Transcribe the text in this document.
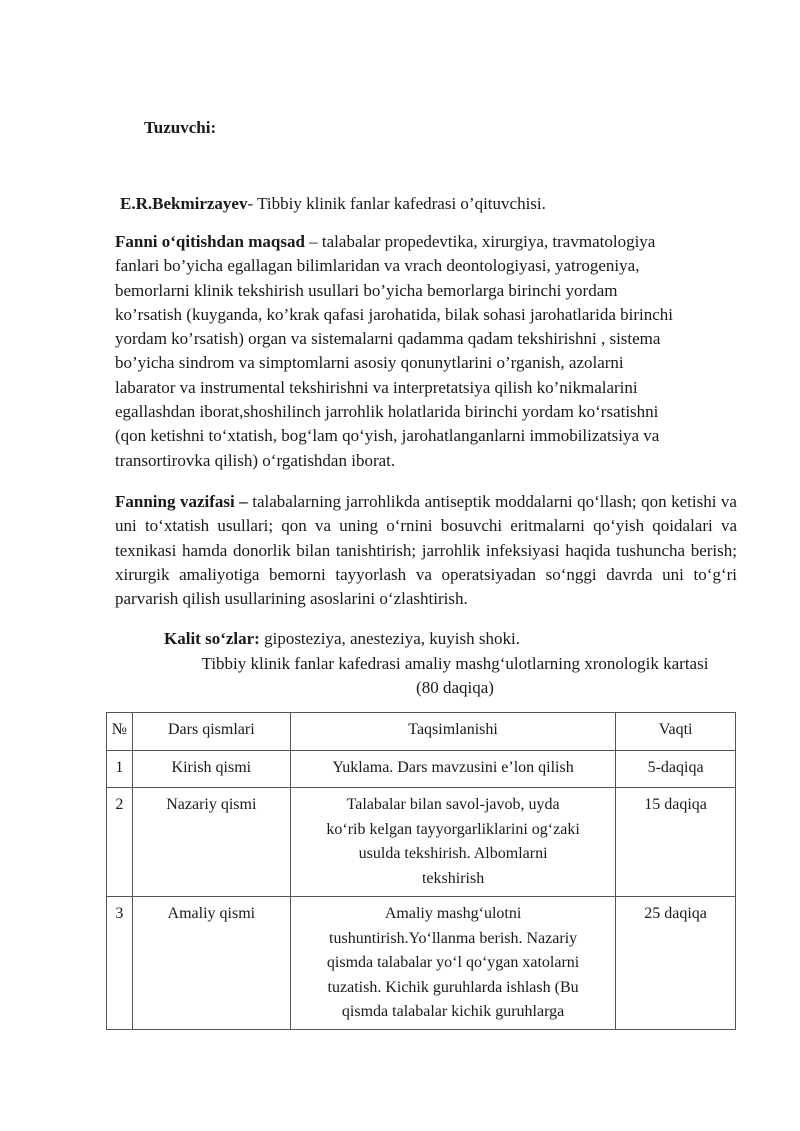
Tuzuvchi:
E.R.Bekmirzayev- Tibbiy klinik fanlar kafedrasi o’qituvchisi.

Fanni o‘qitishdan maqsad – talabalar propedevtika, xirurgiya, travmatologiya
fanlari bo’yicha egallagan bilimlaridan va vrach deontologiyasi, yatrogeniya,
bemorlarni klinik tekshirish usullari bo’yicha bemorlarga birinchi yordam
ko’rsatish (kuyganda, ko’krak qafasi jarohatida, bilak sohasi jarohatlarida birinchi
yordam ko’rsatish) organ va sistemalarni qadamma qadam tekshirishni , sistema
bo’yicha sindrom va simptomlarni asosiy qonunytlarini o’rganish, azolarni
labarator va instrumental tekshirishni va interpretatsiya qilish ko’nikmalarini
egallashdan iborat,shoshilinch jarrohlik holatlarida birinchi yordam ko‘rsatishni
(qon ketishni to‘xtatish, bog‘lam qo‘yish, jarohatlanganlarni immobilizatsiya va
transortirovka qilish) o‘rgatishdan iborat.

Fanning vazifasi – talabalarning jarrohlikda antiseptik moddalarni qo‘llash; qon ketishi va uni to‘xtatish usullari; qon va uning o‘rnini bosuvchi eritmalarni qo‘yish qoidalari va texnikasi hamda donorlik bilan tanishtirish; jarrohlik infeksiyasi haqida tushuncha berish; xirurgik amaliyotiga bemorni tayyorlash va operatsiyadan so‘nggi davrda uni to‘g‘ri parvarish qilish usullarining asoslarini o‘zlashtirish.

Kalit so‘zlar: giposteziya, anesteziya, kuyish shoki.
Tibbiy klinik fanlar kafedrasi amaliy mashg‘ulotlarning xronologik kartasi
(80 daqiqa)
№	Dars qismlari	Taqsimlanishi	Vaqti
1	Kirish qismi	Yuklama. Dars mavzusini e’lon qilish	5-daqiqa
2	Nazariy qismi	Talabalar bilan savol-javob, uyda
ko‘rib kelgan tayyorgarliklarini og‘zaki
usulda tekshirish. Albomlarni
tekshirish	15 daqiqa
3	Amaliy qismi	Amaliy mashg‘ulotni
tushuntirish.Yo‘llanma berish. Nazariy
qismda talabalar yo‘l qo‘ygan xatolarni
tuzatish. Kichik guruhlarda ishlash (Bu
qismda talabalar kichik guruhlarga	25 daqiqa
